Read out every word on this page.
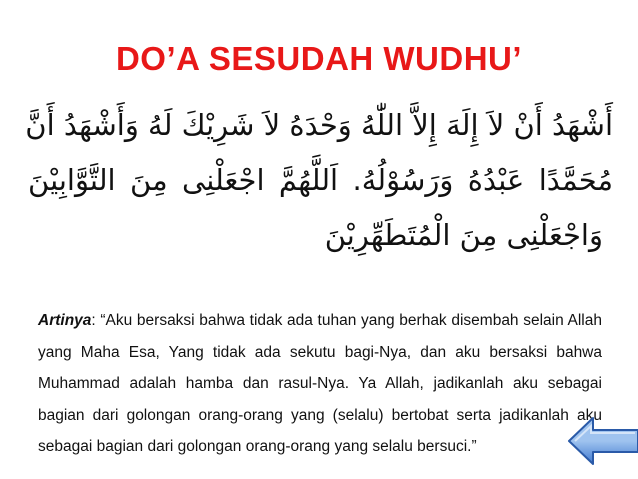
DO’A SESUDAH WUDHU’
أَشْهَدُ أَنْ لاَ إِلَهَ إِلاَّ اللّٰهُ وَحْدَهُ لاَ شَرِيْكَ لَهُ وَأَشْهَدُ أَنَّ
مُحَمَّدًا عَبْدُهُ وَرَسُوْلُهُ. اَللَّهُمَّ اجْعَلْنِى مِنَ التَّوَّابِيْنَ
وَاجْعَلْنِى مِنَ الْمُتَطَهِّرِيْنَ

Artinya: “Aku bersaksi bahwa tidak ada tuhan yang berhak disembah selain Allah yang Maha Esa, Yang tidak ada sekutu bagi-Nya, dan aku bersaksi bahwa Muhammad adalah hamba dan rasul-Nya. Ya Allah, jadikanlah aku sebagai bagian dari golongan orang-orang yang (selalu) bertobat serta jadikanlah aku sebagai bagian dari golongan orang-orang yang selalu bersuci.”
